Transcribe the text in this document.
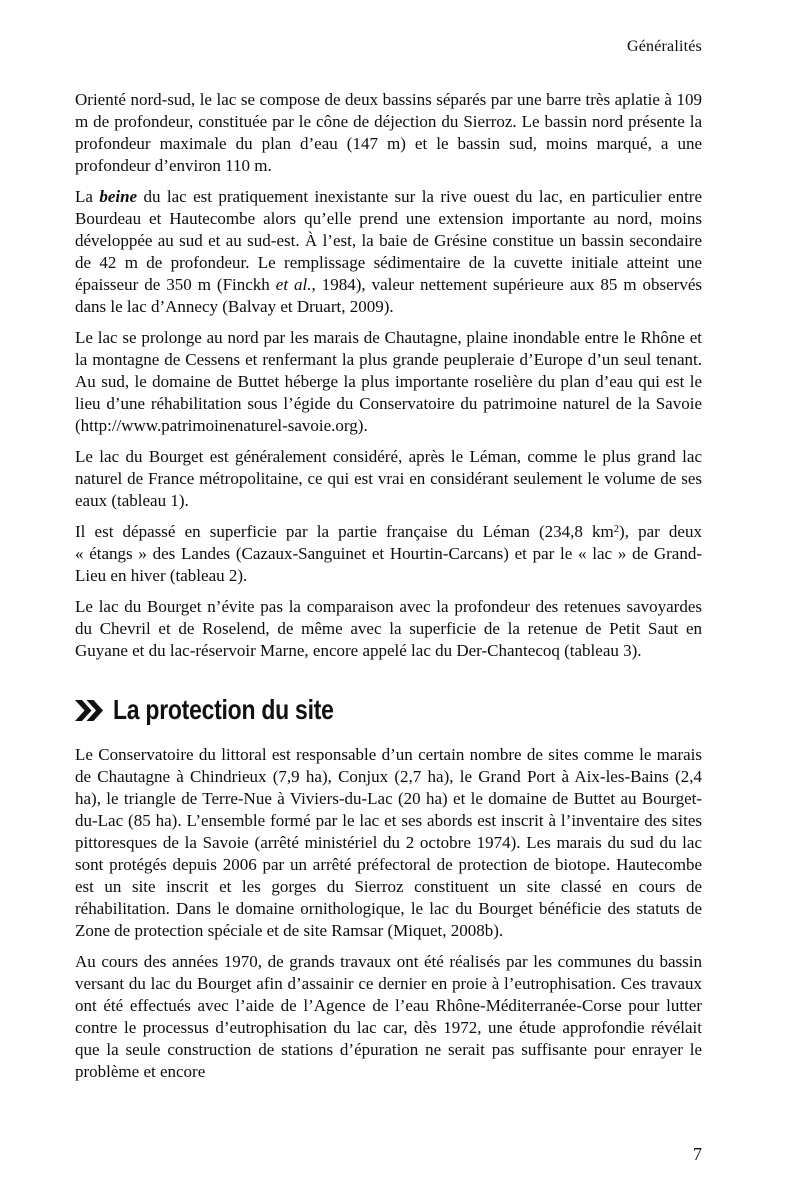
Généralités

Orienté nord-sud, le lac se compose de deux bassins séparés par une barre très aplatie à 109 m de profondeur, constituée par le cône de déjection du Sierroz. Le bassin nord présente la profondeur maximale du plan d’eau (147 m) et le bassin sud, moins marqué, a une profondeur d’environ 110 m.

La beine du lac est pratiquement inexistante sur la rive ouest du lac, en particulier entre Bourdeau et Hautecombe alors qu’elle prend une extension importante au nord, moins développée au sud et au sud-est. À l’est, la baie de Grésine constitue un bassin secondaire de 42 m de profondeur. Le remplissage sédimentaire de la cuvette initiale atteint une épaisseur de 350 m (Finckh et al., 1984), valeur nettement supérieure aux 85 m observés dans le lac d’Annecy (Balvay et Druart, 2009).

Le lac se prolonge au nord par les marais de Chautagne, plaine inondable entre le Rhône et la montagne de Cessens et renfermant la plus grande peupleraie d’Europe d’un seul tenant. Au sud, le domaine de Buttet héberge la plus importante roselière du plan d’eau qui est le lieu d’une réhabilitation sous l’égide du Conservatoire du patrimoine naturel de la Savoie (http://www.patrimoinenaturel-savoie.org).

Le lac du Bourget est généralement considéré, après le Léman, comme le plus grand lac naturel de France métropolitaine, ce qui est vrai en considérant seulement le volume de ses eaux (tableau 1).

Il est dépassé en superficie par la partie française du Léman (234,8 $km^2$), par deux « étangs » des Landes (Cazaux-Sanguinet et Hourtin-Carcans) et par le « lac » de Grand-Lieu en hiver (tableau 2).

Le lac du Bourget n’évite pas la comparaison avec la profondeur des retenues savoyardes du Chevril et de Roselend, de même avec la superficie de la retenue de Petit Saut en Guyane et du lac-réservoir Marne, encore appelé lac du Der-Chantecoq (tableau 3).

La protection du site

Le Conservatoire du littoral est responsable d’un certain nombre de sites comme le marais de Chautagne à Chindrieux (7,9 ha), Conjux (2,7 ha), le Grand Port à Aix-les-Bains (2,4 ha), le triangle de Terre-Nue à Viviers-du-Lac (20 ha) et le domaine de Buttet au Bourget-du-Lac (85 ha). L’ensemble formé par le lac et ses abords est inscrit à l’inventaire des sites pittoresques de la Savoie (arrêté ministériel du 2 octobre 1974). Les marais du sud du lac sont protégés depuis 2006 par un arrêté préfectoral de protection de biotope. Hautecombe est un site inscrit et les gorges du Sierroz constituent un site classé en cours de réhabilitation. Dans le domaine ornithologique, le lac du Bourget bénéficie des statuts de Zone de protection spéciale et de site Ramsar (Miquet, 2008b).

Au cours des années 1970, de grands travaux ont été réalisés par les communes du bassin versant du lac du Bourget afin d’assainir ce dernier en proie à l’eutrophisation. Ces travaux ont été effectués avec l’aide de l’Agence de l’eau Rhône-Méditerranée-Corse pour lutter contre le processus d’eutrophisation du lac car, dès 1972, une étude approfondie révélait que la seule construction de stations d’épuration ne serait pas suffisante pour enrayer le problème et encore

7
